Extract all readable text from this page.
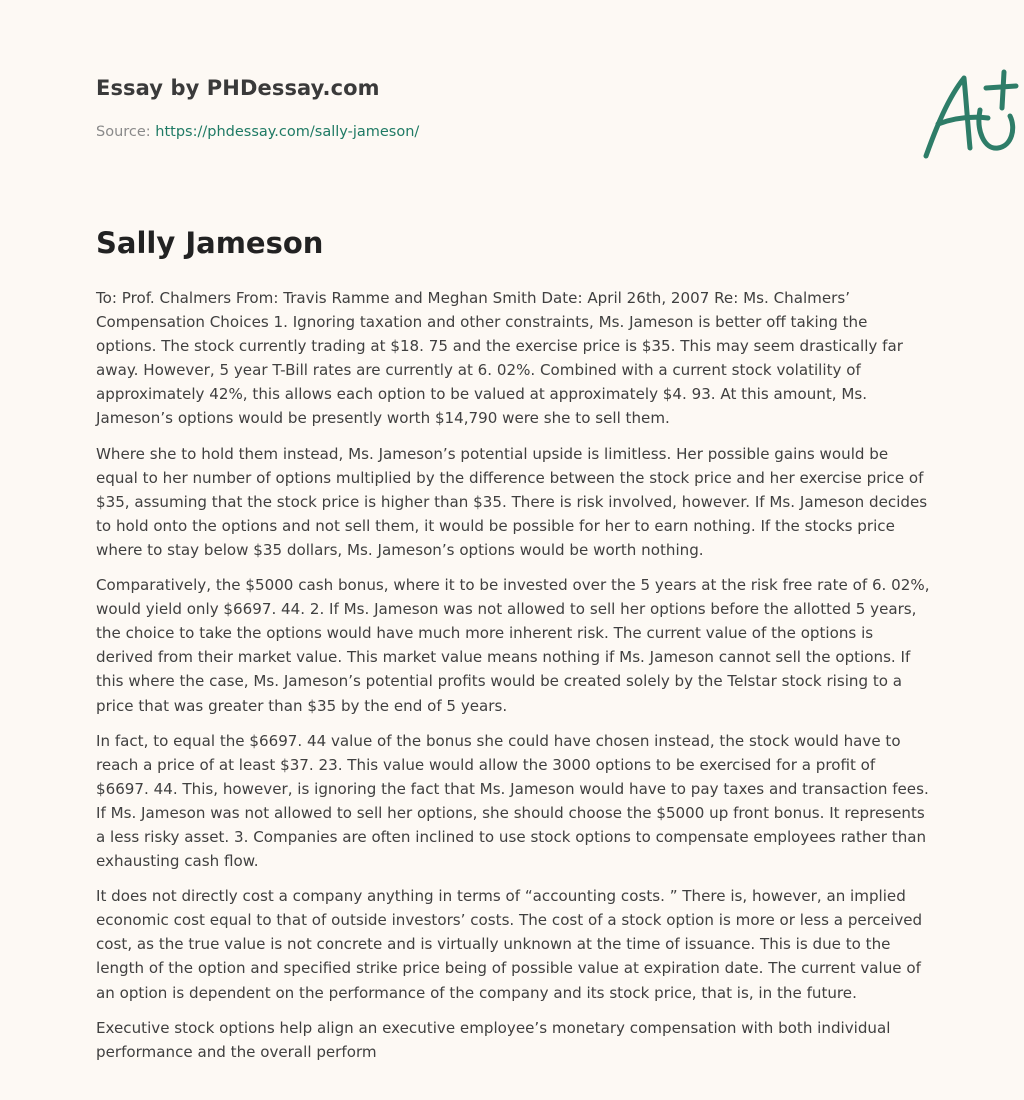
Essay by PHDessay.com
Source: https://phdessay.com/sally-jameson/
Sally Jameson

To: Prof. Chalmers From: Travis Ramme and Meghan Smith Date: April 26th, 2007 Re: Ms. Chalmers’ Compensation Choices 1. Ignoring taxation and other constraints, Ms. Jameson is better off taking the options. The stock currently trading at $18. 75 and the exercise price is $35. This may seem drastically far away. However, 5 year T-Bill rates are currently at 6. 02%. Combined with a current stock volatility of approximately 42%, this allows each option to be valued at approximately $4. 93. At this amount, Ms. Jameson’s options would be presently worth $14,790 were she to sell them.

Where she to hold them instead, Ms. Jameson’s potential upside is limitless. Her possible gains would be equal to her number of options multiplied by the difference between the stock price and her exercise price of $35, assuming that the stock price is higher than $35. There is risk involved, however. If Ms. Jameson decides to hold onto the options and not sell them, it would be possible for her to earn nothing. If the stocks price where to stay below $35 dollars, Ms. Jameson’s options would be worth nothing.

Comparatively, the $5000 cash bonus, where it to be invested over the 5 years at the risk free rate of 6. 02%, would yield only $6697. 44. 2. If Ms. Jameson was not allowed to sell her options before the allotted 5 years, the choice to take the options would have much more inherent risk. The current value of the options is derived from their market value. This market value means nothing if Ms. Jameson cannot sell the options. If this where the case, Ms. Jameson’s potential profits would be created solely by the Telstar stock rising to a price that was greater than $35 by the end of 5 years.

In fact, to equal the $6697. 44 value of the bonus she could have chosen instead, the stock would have to reach a price of at least $37. 23. This value would allow the 3000 options to be exercised for a profit of $6697. 44. This, however, is ignoring the fact that Ms. Jameson would have to pay taxes and transaction fees. If Ms. Jameson was not allowed to sell her options, she should choose the $5000 up front bonus. It represents a less risky asset. 3. Companies are often inclined to use stock options to compensate employees rather than exhausting cash flow.

It does not directly cost a company anything in terms of “accounting costs. ” There is, however, an implied economic cost equal to that of outside investors’ costs. The cost of a stock option is more or less a perceived cost, as the true value is not concrete and is virtually unknown at the time of issuance. This is due to the length of the option and specified strike price being of possible value at expiration date. The current value of an option is dependent on the performance of the company and its stock price, that is, in the future.

Executive stock options help align an executive employee’s monetary compensation with both individual performance and the overall perform
